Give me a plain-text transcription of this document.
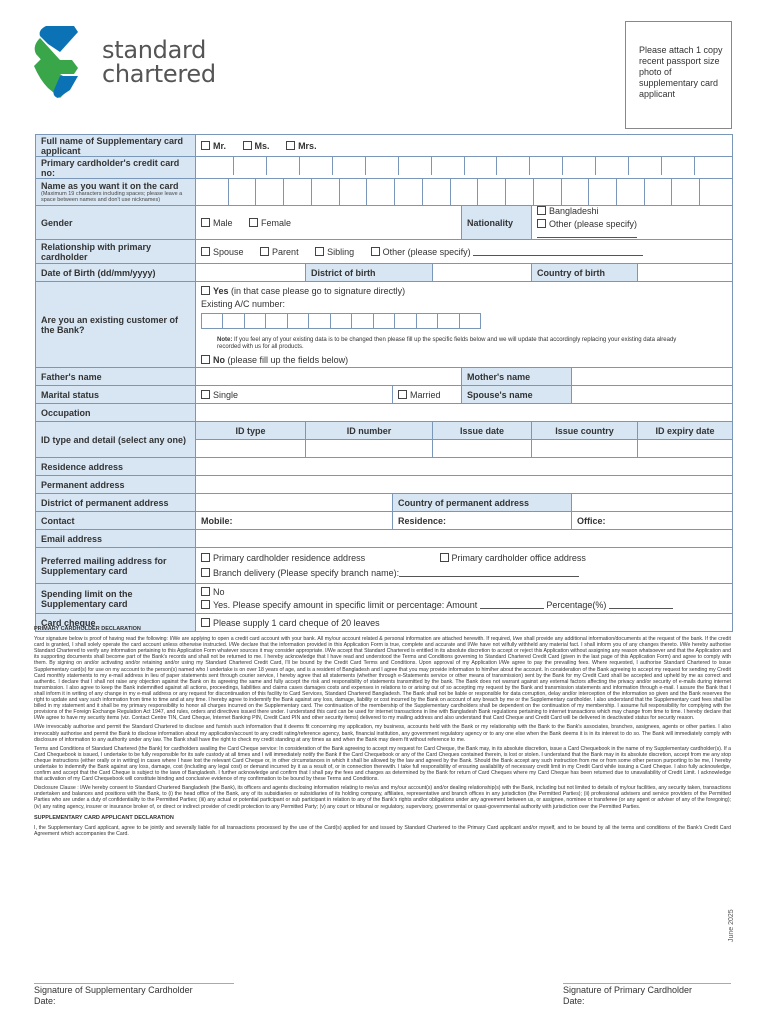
standard
chartered
Please attach 1 copy recent passport size photo of supplementary card applicant
Full name of Supplementary card applicant	Mr. Ms. Mrs.							
Primary cardholder's credit card no:								

Name as you want it on the card
(Maximum 19 characters including spaces; please leave a space between names and don't use nicknames)								

Gender	Male Female				Nationality	Bangladeshi
Other (please specify)		

Relationship with primary cardholder	Spouse Parent Sibling Other (please specify)							
Date of Birth (dd/mm/yyyy)		District of birth				Country of birth		
Are you an existing customer of the Bank?	Yes (in that case please go to signature directly)
Existing A/C number:
Note: If you feel any of your existing data is to be changed then please fill up the specific fields below and we will update that accordingly replacing your existing data already recorded with us for all products.
No (please fill up the fields below)							

Father's name					Mother's name			
Marital status	Single		Married		Spouse's name			
Occupation								
ID type and detail (select any one)	ID type	ID number		Issue date		Issue country		ID expiry date

Residence address								
Permanent address								
District of permanent address			Country of permanent address					
Contact	Mobile:		Residence:				Office:	
Email address								
Preferred mailing address for Supplementary card	Primary cardholder residence address Primary cardholder office address
Branch delivery (Please specify branch name):							

Spending limit on the Supplementary card	No
Yes. Please specify amount in specific limit or percentage: Amount Percentage(%)							

Card cheque	Please supply 1 card cheque of 20 leaves							
PRIMARY CARDHOLDER DECLARATION

Your signature below is proof of having read the following: I/We are applying to open a credit card account with your bank. All my/our account related & personal information are attached herewith. If required, I/we shall provide any additional information/documents at the request of the bank. If the credit card is granted, I shall solely operate the card account unless otherwise instructed. I/We declare that the information provided in this Application Form is true, complete and accurate and I/We have not wilfully withheld any material fact. I shall inform you of any changes thereto. I/We hereby authorise Standard Chartered to verify any information pertaining to this Application Form whatever sources it may consider appropriate. I/We accept that Standard Chartered is entitled in its absolute discretion to accept or reject this Application without assigning any reason whatsoever and that the Application and its supporting documents shall become part of the Bank's records and shall not be returned to me. I hereby acknowledge that I have read and understood the Terms and Conditions governing to Standard Chartered Credit Card (given in the last page of this Application Form) and agree to comply with them. By signing on and/or activating and/or retaining and/or using my Standard Chartered Credit Card, I'll be bound by the Credit Card Terms and Conditions. Upon approval of my Application I/We agree to pay the prevailing fees. Where requested, I authorise Standard Chartered to issue Supplementary card(s) for use on my account to the person(s) named who I undertake is on over 18 years of age, and is a resident of Bangladesh and I agree that you may provide information to him/her about the account. In consideration of the Bank agreeing to accept my request for sending my Credit Card monthly statements to my e-mail address in lieu of paper statements sent through courier service, I hereby agree that all statements (whether through e-Statements service or other means of transmission) sent by the Bank for my Credit Card shall be accepted and upheld by me as correct and authentic. I declare that I shall not raise any objection against the Bank on its agreeing the same and fully accept the risk and responsibility of statements transmitted by the bank. The Bank does not warrant against any external factors affecting the privacy and/or security of e-mails during internet transmission. I also agree to keep the Bank indemnified against all actions, proceedings, liabilities and claims cases damages costs and expenses in relations to or arising out of so accepting my request by the Bank and transmission statements and information through e-mail. I assure the Bank that I shall inform it in writing of any change in my e-mail address or any request for discontinuation of this facility to Card Services, Standard Chartered Bangladesh. The Bank shall not be liable or responsible for data corruption, delay and/or interception of the information so given and the Bank reserves the right to update and vary such information from time to time and at any time. I hereby agree to indemnify the Bank against any loss, damage, liability or cost incurred by the Bank on account of any breach by me or the Supplementary cardholder. I also understand that the Supplementary card fees shall be billed in my statement and it shall be my primary responsibility to honor all charges incurred on the Supplementary card. The continuation of the membership of the Supplementary cardholders shall be dependent on the continuation of my membership. I assume full responsibility for complying with the provisions of the Foreign Exchange Regulation Act 1947, and rules, orders and directives issued there under. I understand this card can be used for internet transactions in line with Bangladesh Bank regulations pertaining to internet transactions which may change from time to time. I hereby declare that I/We agree to have my security items (viz. Contact Centre TIN, Card Cheque, Internet Banking PIN, Credit Card PIN and other security items) delivered to my mailing address and also understand that Card Cheque and Credit Card will be delivered in deactivated status for security reason.

I/We irrevocably authorise and permit the Standard Chartered to disclose and furnish such information that it deems fit concerning my application, my business, accounts held with the Bank or my relationship with the Bank to the Bank's associates, branches, assignees, agents or other parties. I also irrevocably authorise and permit the Bank to disclose information about my application/account to any credit rating/reference agency, bank, financial institution, any government regulatory agency or to any one else when the Bank deems it is in its interest to do so. The Bank will immediately comply with disclosure of information to any authority under any law. The Bank shall have the right to check my credit standing at any times as and when the Bank may deem fit without reference to me.

Terms and Conditions of Standard Chartered (the Bank) for cardholders availing the Card Cheque service: In consideration of the Bank agreeing to accept my request for Card Cheque, the Bank may, in its absolute discretion, issue a Card Chequebook in the name of my Supplementary cardholder(s). If a Card Chequebook is issued, I undertake to be fully responsible for its safe custody at all times and I will immediately notify the Bank if the Card Chequebook or any of the Card Cheques contained therein, is lost or stolen. I understand that the Bank may in its absolute discretion, accept from me any stop cheque instructions (either orally or in writing) in cases where I have lost the relevant Card Cheque or, in other circumstances in which it shall be allowed by the law and agreed by the Bank. Should the Bank accept any such instruction from me or from some other person purporting to be me, I hereby undertake to indemnify the Bank against any loss, damage, cost (including any legal cost) or demand incurred by it as a result of, or in connection therewith. I take full responsibility of ensuring availability of necessary credit limit in my Credit Card while issuing a Card Cheque. I also fully acknowledge, confirm and accept that the Card Cheque is subject to the laws of Bangladesh. I further acknowledge and confirm that I shall pay the fees and charges as determined by the Bank for return of Card Cheques where my Card Cheque has been returned due to unavailability of Credit Limit. I acknowledge that activation of my Card Chequebook will constitute binding and conclusive evidence of my confirmation to be bound by these Terms and Conditions.

Disclosure Clause : I/We hereby consent to Standard Chartered Bangladesh (the Bank), its officers and agents disclosing information relating to me/us and my/our account(s) and/or dealing relationship(s) with the Bank, including but not limited to details of my/our facilities, any security taken, transactions undertaken and balances and positions with the Bank, to (i) the head office of the Bank, any of its subsidiaries or subsidiaries of its holding company, affiliates, representative and branch offices in any jurisdiction (the Permitted Parties); (ii) professional advisers and service providers of the Permitted Parties who are under a duty of confidentiality to the Permitted Parties; (iii) any actual or potential participant or sub participant in relation to any of the Bank's rights and/or obligations under any agreement between us, or assignee, nominee or transferee (or any agent or adviser of any of the foregoing); (iv) any rating agency, insurer or insurance broker of, or direct or indirect provider of credit protection to any Permitted Party; (v) any court or tribunal or regulatory, supervisory, governmental or quasi-governmental authority with jurisdiction over the Permitted Parties.

SUPPLEMENTARY CARD APPLICANT DECLARATION

I, the Supplementary Card applicant, agree to be jointly and severally liable for all transactions processed by the use of the Card(s) applied for and issued by Standard Chartered to the Primary Card applicant and/or myself, and to be bound by all the terms and conditions of the Bank's Credit Card Agreement which accompanies the Card.

Signature of Supplementary Cardholder
Date:
Signature of Primary Cardholder
Date:
June 2025
